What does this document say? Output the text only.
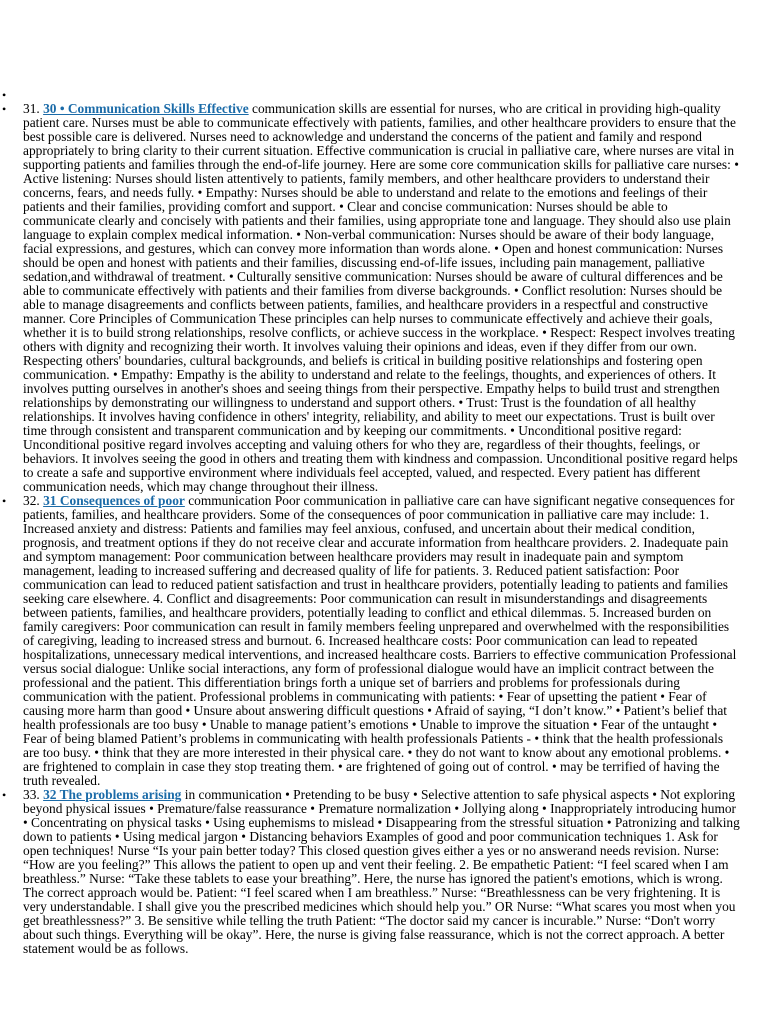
•
• 31. 30 • Communication Skills Effective communication skills are essential for nurses, who are critical in providing high-quality patient care. Nurses must be able to communicate effectively with patients, families, and other healthcare providers to ensure that the best possible care is delivered. Nurses need to acknowledge and understand the concerns of the patient and family and respond appropriately to bring clarity to their current situation. Effective communication is crucial in palliative care, where nurses are vital in supporting patients and families through the end-of-life journey. Here are some core communication skills for palliative care nurses: • Active listening: Nurses should listen attentively to patients, family members, and other healthcare providers to understand their concerns, fears, and needs fully. • Empathy: Nurses should be able to understand and relate to the emotions and feelings of their patients and their families, providing comfort and support. • Clear and concise communication: Nurses should be able to communicate clearly and concisely with patients and their families, using appropriate tone and language. They should also use plain language to explain complex medical information. • Non-verbal communication: Nurses should be aware of their body language, facial expressions, and gestures, which can convey more information than words alone. • Open and honest communication: Nurses should be open and honest with patients and their families, discussing end-of-life issues, including pain management, palliative sedation,and withdrawal of treatment. • Culturally sensitive communication: Nurses should be aware of cultural differences and be able to communicate effectively with patients and their families from diverse backgrounds. • Conflict resolution: Nurses should be able to manage disagreements and conflicts between patients, families, and healthcare providers in a respectful and constructive manner. Core Principles of Communication These principles can help nurses to communicate effectively and achieve their goals, whether it is to build strong relationships, resolve conflicts, or achieve success in the workplace. • Respect: Respect involves treating others with dignity and recognizing their worth. It involves valuing their opinions and ideas, even if they differ from our own. Respecting others' boundaries, cultural backgrounds, and beliefs is critical in building positive relationships and fostering open communication. • Empathy: Empathy is the ability to understand and relate to the feelings, thoughts, and experiences of others. It involves putting ourselves in another's shoes and seeing things from their perspective. Empathy helps to build trust and strengthen relationships by demonstrating our willingness to understand and support others. • Trust: Trust is the foundation of all healthy relationships. It involves having confidence in others' integrity, reliability, and ability to meet our expectations. Trust is built over time through consistent and transparent communication and by keeping our commitments. • Unconditional positive regard: Unconditional positive regard involves accepting and valuing others for who they are, regardless of their thoughts, feelings, or behaviors. It involves seeing the good in others and treating them with kindness and compassion. Unconditional positive regard helps to create a safe and supportive environment where individuals feel accepted, valued, and respected. Every patient has different communication needs, which may change throughout their illness.
• 32. 31 Consequences of poor communication Poor communication in palliative care can have significant negative consequences for patients, families, and healthcare providers. Some of the consequences of poor communication in palliative care may include: 1. Increased anxiety and distress: Patients and families may feel anxious, confused, and uncertain about their medical condition, prognosis, and treatment options if they do not receive clear and accurate information from healthcare providers. 2. Inadequate pain and symptom management: Poor communication between healthcare providers may result in inadequate pain and symptom management, leading to increased suffering and decreased quality of life for patients. 3. Reduced patient satisfaction: Poor communication can lead to reduced patient satisfaction and trust in healthcare providers, potentially leading to patients and families seeking care elsewhere. 4. Conflict and disagreements: Poor communication can result in misunderstandings and disagreements between patients, families, and healthcare providers, potentially leading to conflict and ethical dilemmas. 5. Increased burden on family caregivers: Poor communication can result in family members feeling unprepared and overwhelmed with the responsibilities of caregiving, leading to increased stress and burnout. 6. Increased healthcare costs: Poor communication can lead to repeated hospitalizations, unnecessary medical interventions, and increased healthcare costs. Barriers to effective communication Professional versus social dialogue: Unlike social interactions, any form of professional dialogue would have an implicit contract between the professional and the patient. This differentiation brings forth a unique set of barriers and problems for professionals during communication with the patient. Professional problems in communicating with patients: • Fear of upsetting the patient • Fear of causing more harm than good • Unsure about answering difficult questions • Afraid of saying, “I don’t know.” • Patient’s belief that health professionals are too busy • Unable to manage patient’s emotions • Unable to improve the situation • Fear of the untaught • Fear of being blamed Patient’s problems in communicating with health professionals Patients - • think that the health professionals are too busy. • think that they are more interested in their physical care. • they do not want to know about any emotional problems. • are frightened to complain in case they stop treating them. • are frightened of going out of control. • may be terrified of having the truth revealed.
• 33. 32 The problems arising in communication • Pretending to be busy • Selective attention to safe physical aspects • Not exploring beyond physical issues • Premature/false reassurance • Premature normalization • Jollying along • Inappropriately introducing humor • Concentrating on physical tasks • Using euphemisms to mislead • Disappearing from the stressful situation • Patronizing and talking down to patients • Using medical jargon • Distancing behaviors Examples of good and poor communication techniques 1. Ask for open techniques! Nurse “Is your pain better today? This closed question gives either a yes or no answerand needs revision. Nurse: “How are you feeling?” This allows the patient to open up and vent their feeling. 2. Be empathetic Patient: “I feel scared when I am breathless.” Nurse: “Take these tablets to ease your breathing”. Here, the nurse has ignored the patient's emotions, which is wrong. The correct approach would be. Patient: “I feel scared when I am breathless.” Nurse: “Breathlessness can be very frightening. It is very understandable. I shall give you the prescribed medicines which should help you.” OR Nurse: “What scares you most when you get breathlessness?” 3. Be sensitive while telling the truth Patient: “The doctor said my cancer is incurable.” Nurse: “Don't worry about such things. Everything will be okay”. Here, the nurse is giving false reassurance, which is not the correct approach. A better statement would be as follows.
